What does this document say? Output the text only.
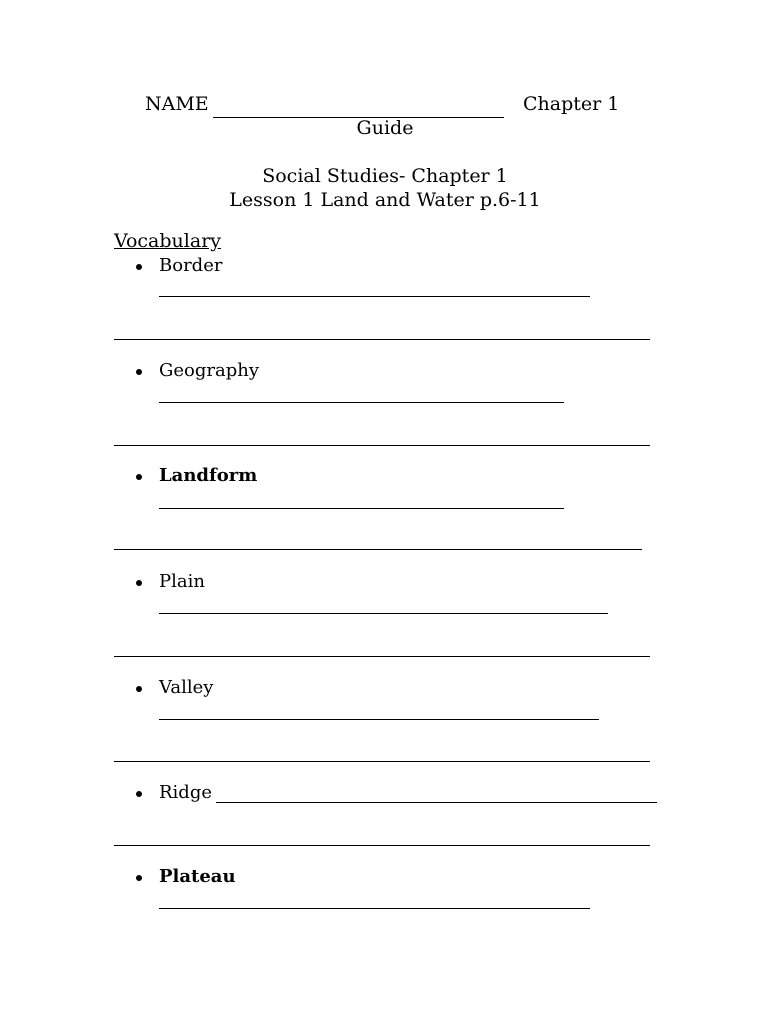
NAME	Chapter 1
Guide
Social Studies- Chapter 1
Lesson 1 Land and Water p.6-11
Vocabulary
Border
Geography
Landform
Plain
Valley
Ridge
Plateau
